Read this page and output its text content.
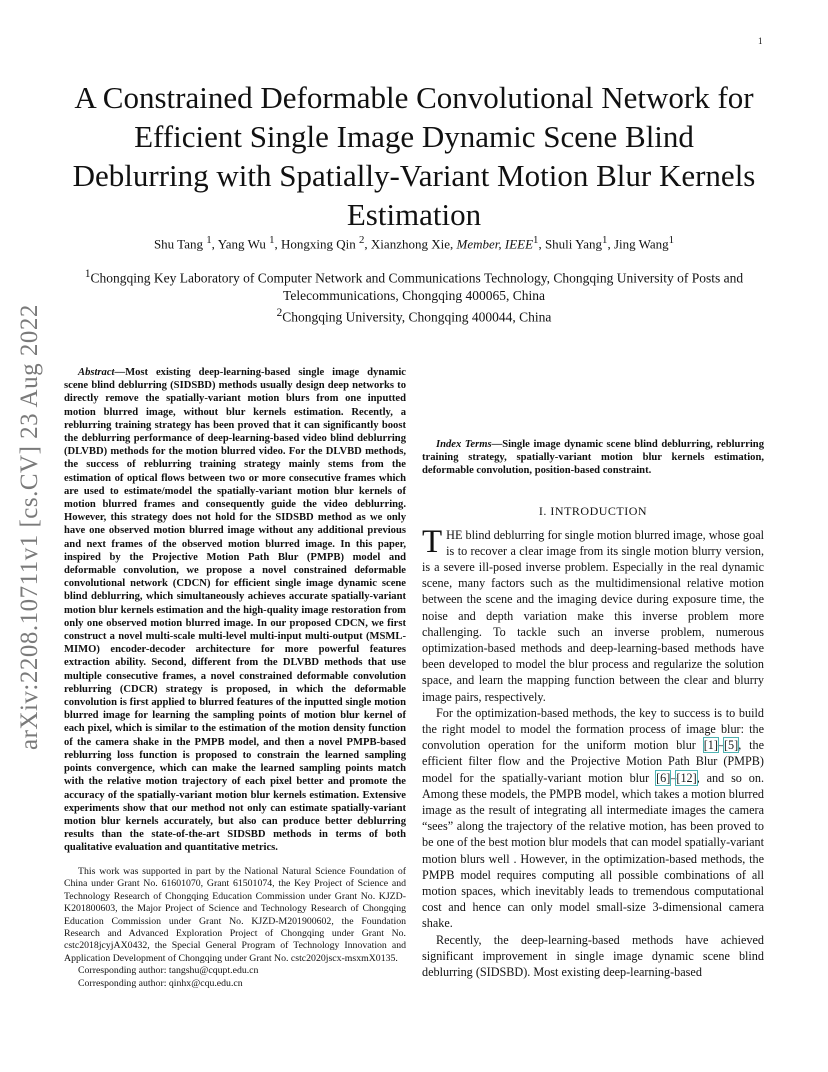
1
arXiv:2208.10711v1 [cs.CV] 23 Aug 2022
A Constrained Deformable Convolutional Network for Efficient Single Image Dynamic Scene Blind Deblurring with Spatially-Variant Motion Blur Kernels Estimation
Shu Tang $^1$, Yang Wu $^1$, Hongxing Qin $^2$, Xianzhong Xie, Member, IEEE$^1$, Shuli Yang$^1$, Jing Wang$^1$
$^1$Chongqing Key Laboratory of Computer Network and Communications Technology, Chongqing University of Posts and Telecommunications, Chongqing 400065, China
$^2$Chongqing University, Chongqing 400044, China

Abstract—Most existing deep-learning-based single image dynamic scene blind deblurring (SIDSBD) methods usually design deep networks to directly remove the spatially-variant motion blurs from one inputted motion blurred image, without blur kernels estimation. Recently, a reblurring training strategy has been proved that it can significantly boost the deblurring performance of deep-learning-based video blind deblurring (DLVBD) methods for the motion blurred video. For the DLVBD methods, the success of reblurring training strategy mainly stems from the estimation of optical flows between two or more consecutive frames which are used to estimate/model the spatially-variant motion blur kernels of motion blurred frames and consequently guide the video deblurring. However, this strategy does not hold for the SIDSBD method as we only have one observed motion blurred image without any additional previous and next frames of the observed motion blurred image. In this paper, inspired by the Projective Motion Path Blur (PMPB) model and deformable convolution, we propose a novel constrained deformable convolutional network (CDCN) for efficient single image dynamic scene blind deblurring, which simultaneously achieves accurate spatially-variant motion blur kernels estimation and the high-quality image restoration from only one observed motion blurred image. In our proposed CDCN, we first construct a novel multi-scale multi-level multi-input multi-output (MSML-MIMO) encoder-decoder architecture for more powerful features extraction ability. Second, different from the DLVBD methods that use multiple consecutive frames, a novel constrained deformable convolution reblurring (CDCR) strategy is proposed, in which the deformable convolution is first applied to blurred features of the inputted single motion blurred image for learning the sampling points of motion blur kernel of each pixel, which is similar to the estimation of the motion density function of the camera shake in the PMPB model, and then a novel PMPB-based reblurring loss function is proposed to constrain the learned sampling points convergence, which can make the learned sampling points match with the relative motion trajectory of each pixel better and promote the accuracy of the spatially-variant motion blur kernels estimation. Extensive experiments show that our method not only can estimate spatially-variant motion blur kernels accurately, but also can produce better deblurring results than the state-of-the-art SIDSBD methods in terms of both qualitative evaluation and quantitative metrics.

Index Terms—Single image dynamic scene blind deblurring, reblurring training strategy, spatially-variant motion blur kernels estimation, deformable convolution, position-based constraint.

I. INTRODUCTION

THE blind deblurring for single motion blurred image, whose goal is to recover a clear image from its single motion blurry version, is a severe ill-posed inverse problem. Especially in the real dynamic scene, many factors such as the multidimensional relative motion between the scene and the imaging device during exposure time, the noise and depth variation make this inverse problem more challenging. To tackle such an inverse problem, numerous optimization-based methods and deep-learning-based methods have been developed to model the blur process and regularize the solution space, and learn the mapping function between the clear and blurry image pairs, respectively.

For the optimization-based methods, the key to success is to build the right model to model the formation process of image blur: the convolution operation for the uniform motion blur [1]–[5], the efficient filter flow and the Projective Motion Path Blur (PMPB) model for the spatially-variant motion blur [6]–[12], and so on. Among these models, the PMPB model, which takes a motion blurred image as the result of integrating all intermediate images the camera “sees” along the trajectory of the relative motion, has been proved to be one of the best motion blur models that can model spatially-variant motion blurs well . However, in the optimization-based methods, the PMPB model requires computing all possible combinations of all motion spaces, which inevitably leads to tremendous computational cost and hence can only model small-size 3-dimensional camera shake.

Recently, the deep-learning-based methods have achieved significant improvement in single image dynamic scene blind deblurring (SIDSBD). Most existing deep-learning-based

This work was supported in part by the National Natural Science Foundation of China under Grant No. 61601070, Grant 61501074, the Key Project of Science and Technology Research of Chongqing Education Commission under Grant No. KJZD-K201800603, the Major Project of Science and Technology Research of Chongqing Education Commission under Grant No. KJZD-M201900602, the Foundation Research and Advanced Exploration Project of Chongqing under Grant No. cstc2018jcyjAX0432, the Special General Program of Technology Innovation and Application Development of Chongqing under Grant No. cstc2020jscx-msxmX0135.

Corresponding author: tangshu@cqupt.edu.cn

Corresponding author: qinhx@cqu.edu.cn
